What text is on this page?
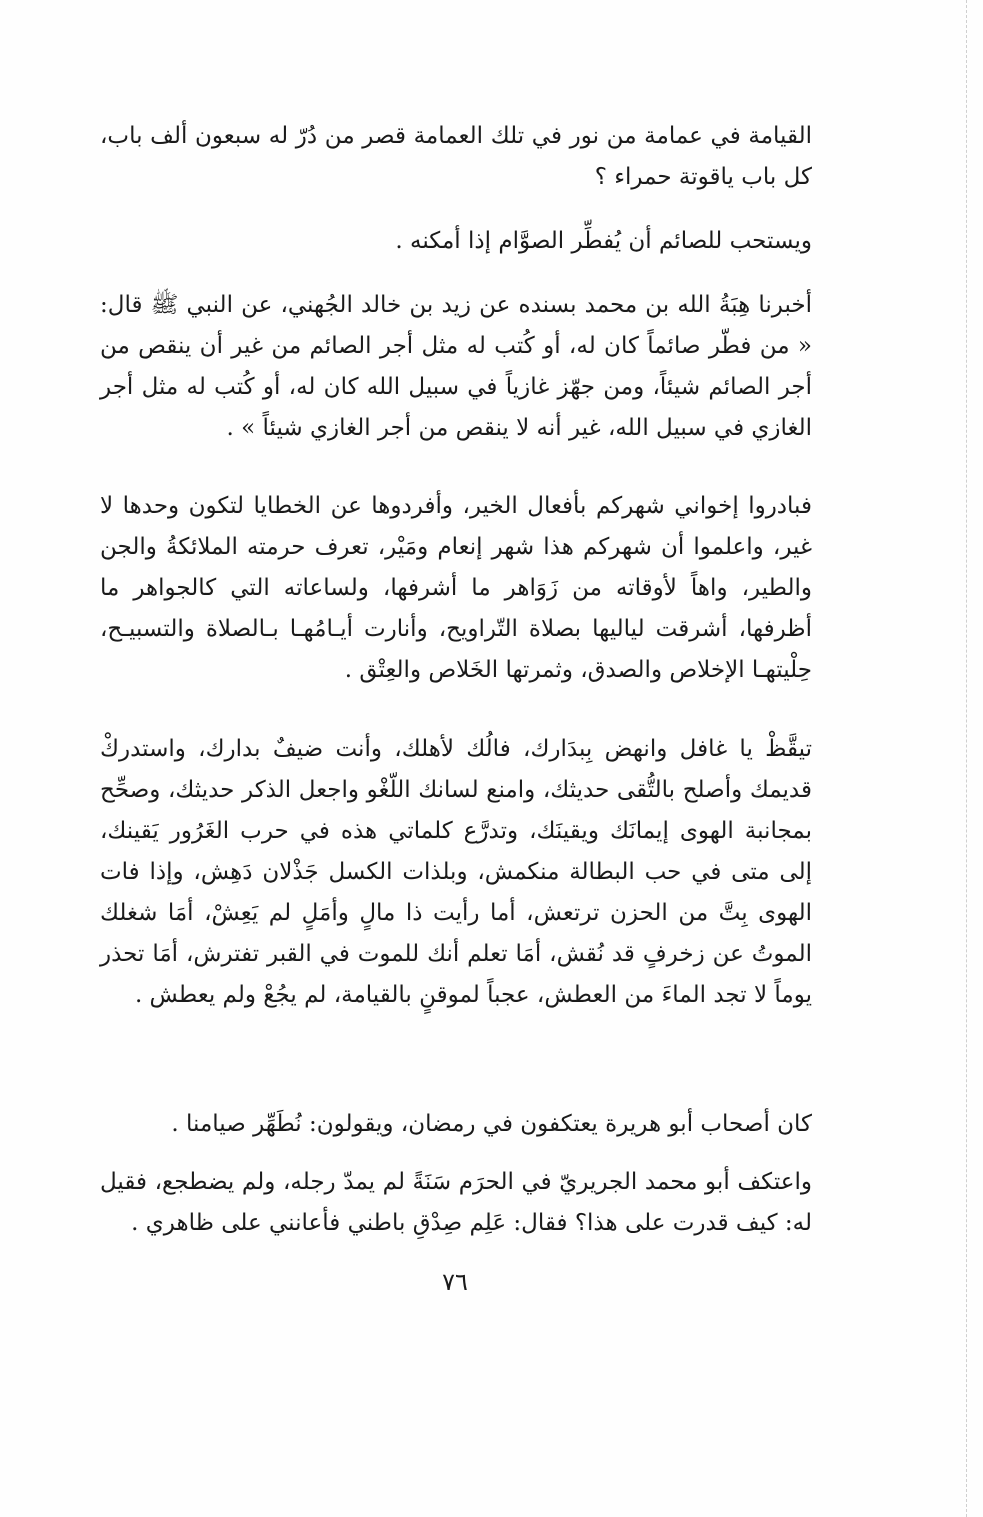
القيامة في عمامة من نور في تلك العمامة قصر من دُرّ له سبعون ألف باب، كل باب ياقوتة حمراء ؟

ويستحب للصائم أن يُفطِّر الصوَّام إذا أمكنه .

أخبرنا هِبَةُ الله بن محمد بسنده عن زيد بن خالد الجُهني، عن النبي ﷺ قال: « من فطّر صائماً كان له، أو كُتب له مثل أجر الصائم من غير أن ينقص من أجر الصائم شيئاً، ومن جهّز غازياً في سبيل الله كان له، أو كُتب له مثل أجر الغازي في سبيل الله، غير أنه لا ينقص من أجر الغازي شيئاً » .

فبادروا إخواني شهركم بأفعال الخير، وأفردوها عن الخطايا لتكون وحدها لا غير، واعلموا أن شهركم هذا شهر إنعام ومَيْر، تعرف حرمته الملائكةُ والجن والطير، واهاً لأوقاته من زَوَاهر ما أشرفها، ولساعاته التي كالجواهر ما أظرفها، أشرقت لياليها بصلاة التّراويح، وأنارت أيـامُهـا بـالصلاة والتسبيـح، حِلْيتهـا الإخلاص والصدق، وثمرتها الخَلاص والعِتْق .

تيقَّظْ يا غافل وانهض بِبدَارك، فالُك لأهلك، وأنت ضيفٌ بدارك، واستدركْ قديمك وأصلح بالتُّقى حديثك، وامنع لسانك اللّغْو واجعل الذكر حديثك، وصحِّح بمجانبة الهوى إيمانَك ويقينَك، وتدرَّع كلماتي هذه في حرب الغَرُور يَقينك، إلى متى في حب البطالة منكمش، وبلذات الكسل جَذْلان دَهِش، وإذا فات الهوى بِتَّ من الحزن ترتعش، أما رأيت ذا مالٍ وأمَلٍ لم يَعِشْ، أمَا شغلك الموتُ عن زخرفٍ قد نُقش، أمَا تعلم أنك للموت في القبر تفترش، أمَا تحذر يوماً لا تجد الماءَ من العطش، عجباً لموقنٍ بالقيامة، لم يجُعْ ولم يعطش .

كان أصحاب أبو هريرة يعتكفون في رمضان، ويقولون: نُطَهِّر صيامنا .

واعتكف أبو محمد الجريريّ في الحرَم سَنَةً لم يمدّ رجله، ولم يضطجع، فقيل له: كيف قدرت على هذا؟ فقال: عَلِم صِدْقِ باطني فأعانني على ظاهري .

٧٦
